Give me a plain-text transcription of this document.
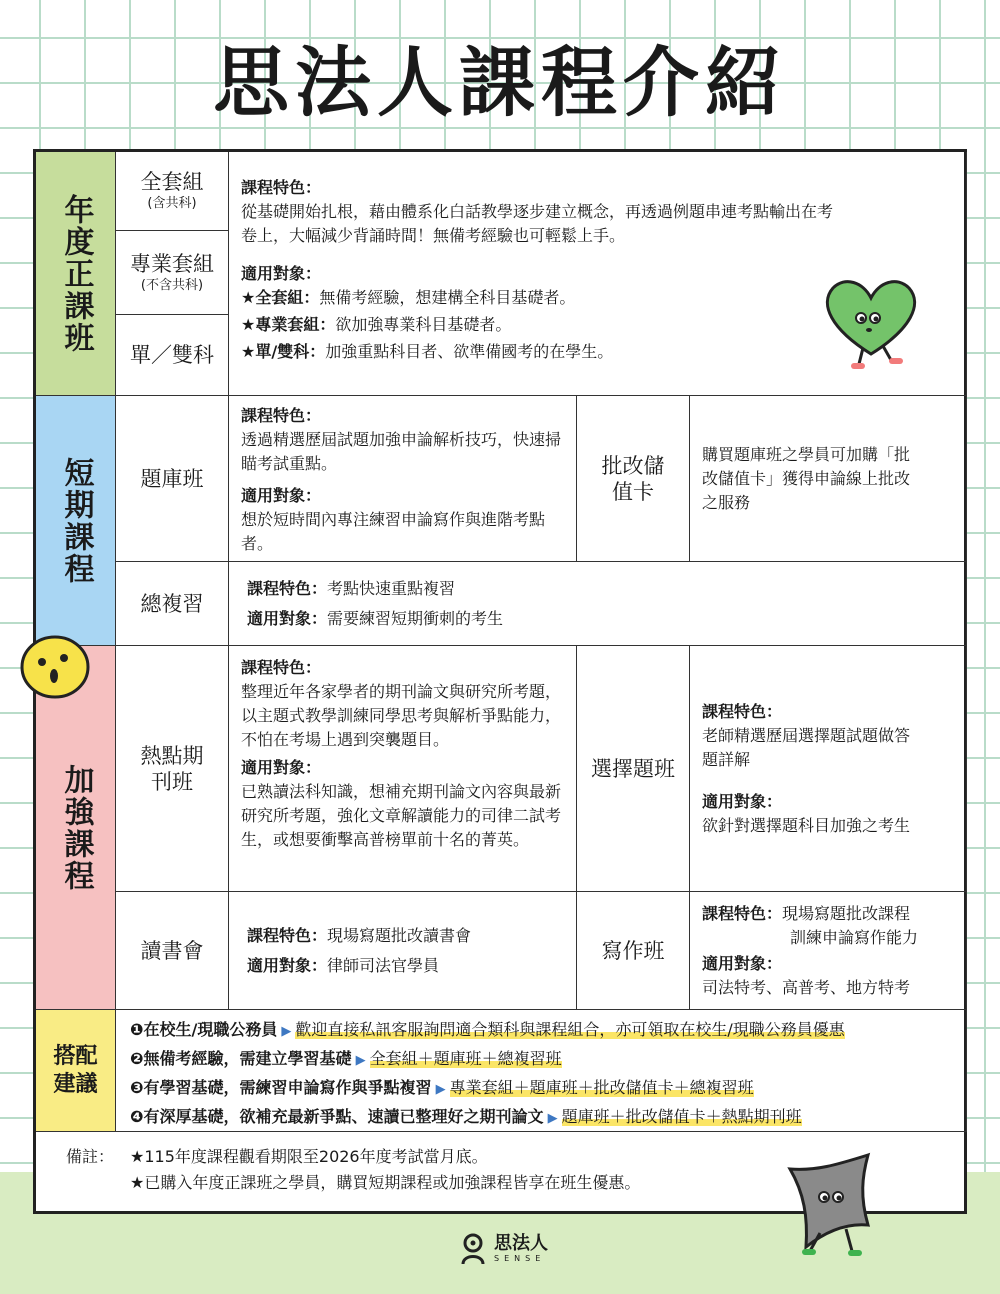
思法人課程介紹
年度正課班
全套組
(含共科)
專業套組
(不含共科)
單／雙科
課程特色：
從基礎開始扎根，藉由體系化白話教學逐步建立概念，再透過例題串連考點輸出在考卷上，大幅減少背誦時間！無備考經驗也可輕鬆上手。
適用對象：
★全套組：無備考經驗，想建構全科目基礎者。
★專業套組：欲加強專業科目基礎者。
★單/雙科：加強重點科目者、欲準備國考的在學生。
短期課程 題庫班
課程特色：
透過精選歷屆試題加強申論解析技巧，快速掃瞄考試重點。
適用對象：
想於短時間內專注練習申論寫作與進階考點者。
批改儲值卡
購買題庫班之學員可加購「批改儲值卡」獲得申論線上批改之服務
總複習
課程特色：考點快速重點複習
適用對象：需要練習短期衝刺的考生
加強課程
熱點期刊班
課程特色：
整理近年各家學者的期刊論文與研究所考題，以主題式教學訓練同學思考與解析爭點能力，不怕在考場上遇到突襲題目。
適用對象：
已熟讀法科知識，想補充期刊論文內容與最新研究所考題，強化文章解讀能力的司律二試考生，或想要衝擊高普榜單前十名的菁英。
選擇題班
課程特色：
老師精選歷屆選擇題試題做答題詳解
適用對象：
欲針對選擇題科目加強之考生
讀書會
課程特色：現場寫題批改讀書會
適用對象：律師司法官學員
寫作班
課程特色：現場寫題批改課程
訓練申論寫作能力
適用對象：
司法特考、高普考、地方特考
搭配建議
❶在校生/現職公務員 ▶ 歡迎直接私訊客服詢問適合類科與課程組合，亦可領取在校生/現職公務員優惠
❷無備考經驗，需建立學習基礎 ▶ 全套組＋題庫班＋總複習班
❸有學習基礎，需練習申論寫作與爭點複習 ▶ 專業套組＋題庫班＋批改儲值卡＋總複習班
❹有深厚基礎，欲補充最新爭點、速讀已整理好之期刊論文 ▶ 題庫班＋批改儲值卡＋熱點期刊班
備註： ★115年度課程觀看期限至2026年度考試當月底。
★已購入年度正課班之學員，購買短期課程或加強課程皆享在班生優惠。
思法人
SENSE
